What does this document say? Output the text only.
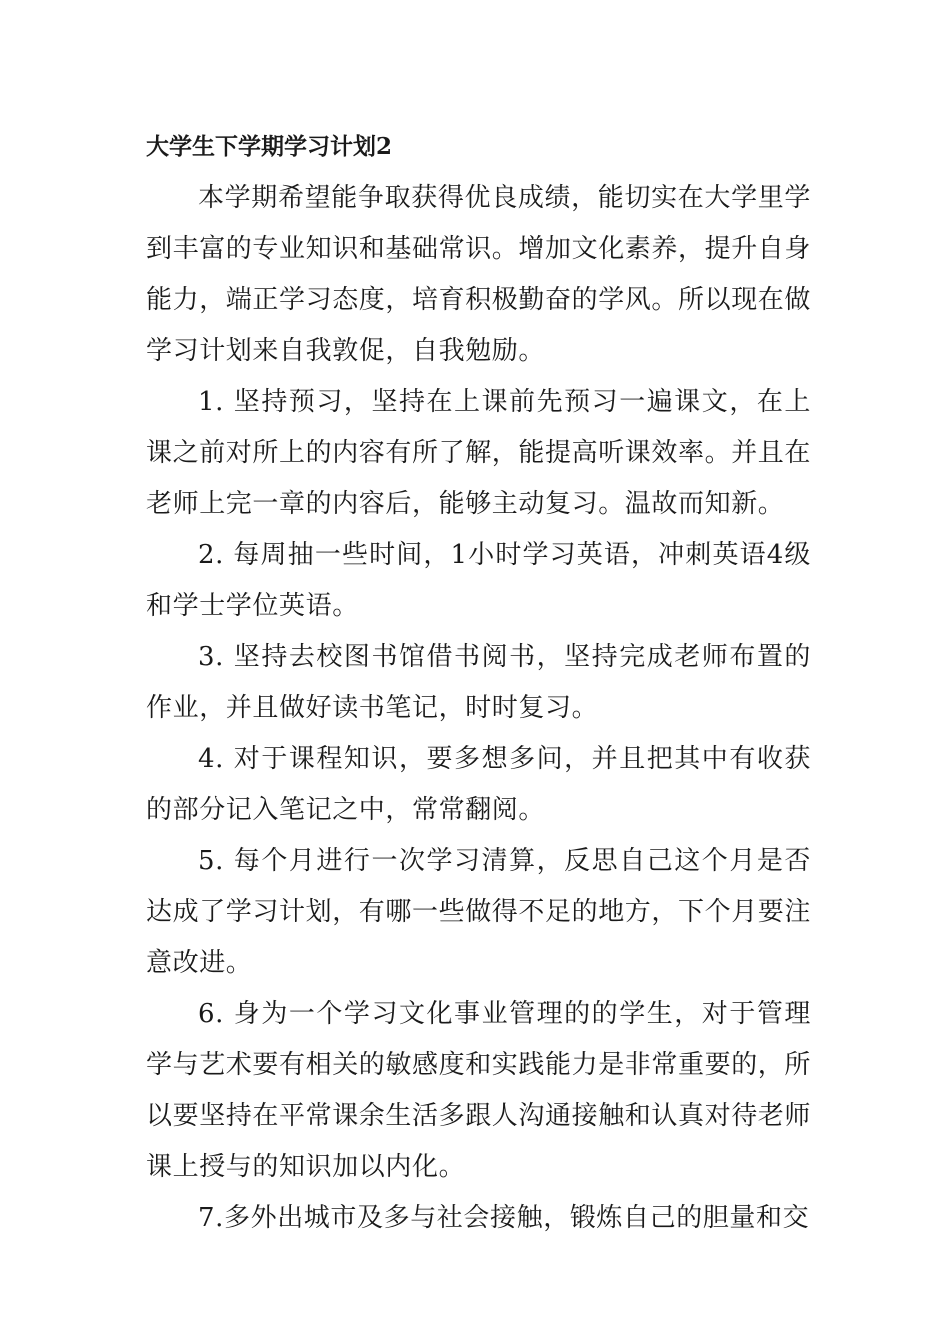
大学生下学期学习计划2

本学期希望能争取获得优良成绩，能切实在大学里学到丰富的专业知识和基础常识。增加文化素养，提升自身能力，端正学习态度，培育积极勤奋的学风。所以现在做学习计划来自我敦促，自我勉励。

1. 坚持预习，坚持在上课前先预习一遍课文，在上课之前对所上的内容有所了解，能提高听课效率。并且在老师上完一章的内容后，能够主动复习。温故而知新。

2. 每周抽一些时间，1小时学习英语，冲刺英语4级和学士学位英语。

3. 坚持去校图书馆借书阅书，坚持完成老师布置的作业，并且做好读书笔记，时时复习。

4. 对于课程知识，要多想多问，并且把其中有收获的部分记入笔记之中，常常翻阅。

5. 每个月进行一次学习清算，反思自己这个月是否达成了学习计划，有哪一些做得不足的地方，下个月要注意改进。

6. 身为一个学习文化事业管理的的学生，对于管理学与艺术要有相关的敏感度和实践能力是非常重要的，所以要坚持在平常课余生活多跟人沟通接触和认真对待老师课上授与的知识加以内化。

7.多外出城市及多与社会接触，锻炼自己的胆量和交
